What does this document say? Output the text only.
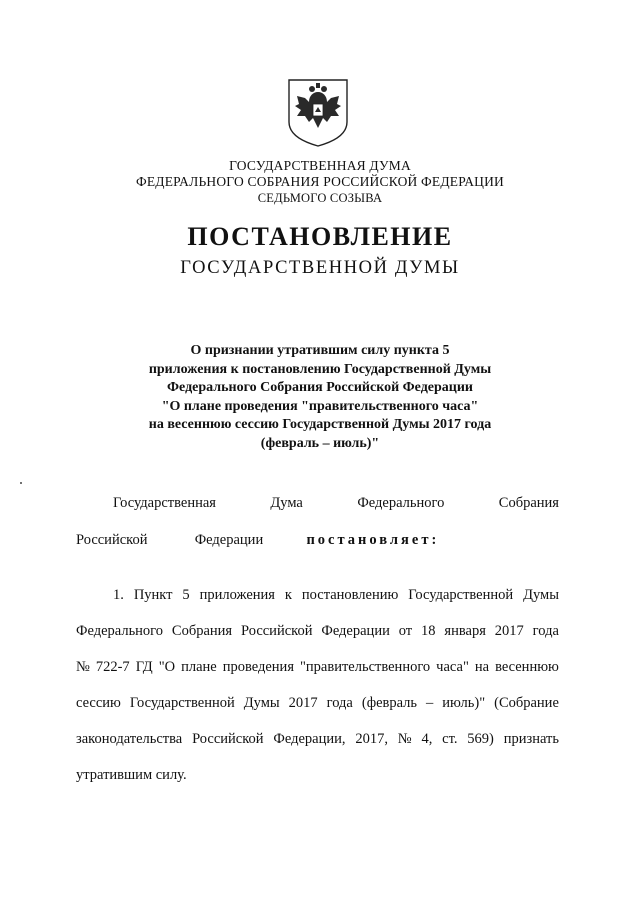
ГОСУДАРСТВЕННАЯ ДУМА
ФЕДЕРАЛЬНОГО СОБРАНИЯ РОССИЙСКОЙ ФЕДЕРАЦИИ
СЕДЬМОГО СОЗЫВА
ПОСТАНОВЛЕНИЕ
ГОСУДАРСТВЕННОЙ ДУМЫ
О признании утратившим силу пункта 5
приложения к постановлению Государственной Думы
Федерального Собрания Российской Федерации
"О плане проведения "правительственного часа"
на весеннюю сессию Государственной Думы 2017 года
(февраль – июль)"
Государственная	Дума	Федерального	Собрания
Российской	Федерации	постановляет:
1. Пункт 5 приложения к постановлению Государственной Думы
Федерального Собрания Российской Федерации от 18 января 2017 года
№ 722-7 ГД "О плане проведения "правительственного часа" на весеннюю
сессию Государственной Думы 2017 года (февраль – июль)" (Собрание
законодательства Российской Федерации, 2017, № 4, ст. 569) признать
утратившим силу.
